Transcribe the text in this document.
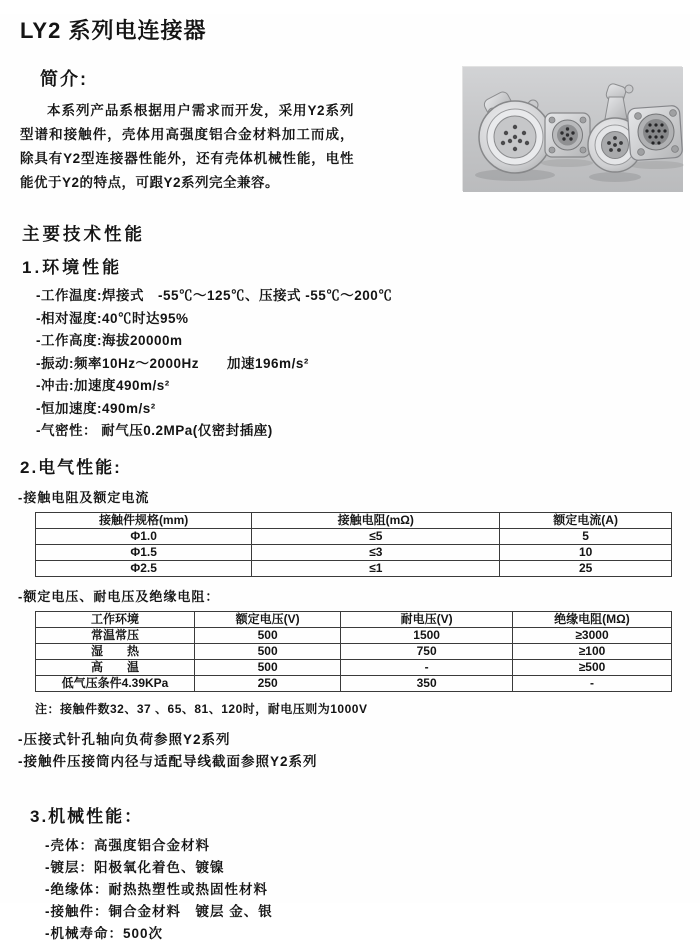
LY2 系列电连接器
简介:
本系列产品系根据用户需求而开发，采用Y2系列型谱和接触件，壳体用高强度铝合金材料加工而成，除具有Y2型连接器性能外，还有壳体机械性能，电性能优于Y2的特点，可跟Y2系列完全兼容。
主要技术性能
1.环境性能
-工作温度:焊接式　-55℃～125℃、压接式 -55℃～200℃
-相对湿度:40℃时达95%
-工作高度:海拔20000m
-振动:频率10Hz～2000Hz　　加速196m/s²
-冲击:加速度490m/s²
-恒加速度:490m/s²
-气密性： 耐气压0.2MPa(仅密封插座)
2.电气性能:
-接触电阻及额定电流
接触件规格(mm)	接触电阻(mΩ)	额定电流(A)
Φ1.0	≤5	5
Φ1.5	≤3	10
Φ2.5	≤1	25
-额定电压、耐电压及绝缘电阻：
工作环境	额定电压(V)	耐电压(V)	绝缘电阻(MΩ)
常温常压	500	1500	≥3000
湿　　热	500	750	≥100
高　　温	500	-	≥500
低气压条件4.39KPa	250	350	-
注：接触件数32、37 、65、81、120时，耐电压则为1000V
-压接式针孔轴向负荷参照Y2系列
-接触件压接筒内径与适配导线截面参照Y2系列
3.机械性能：
-壳体：高强度铝合金材料
-镀层：阳极氧化着色、镀镍
-绝缘体：耐热热塑性或热固性材料
-接触件：铜合金材料　镀层 金、银
-机械寿命：500次
